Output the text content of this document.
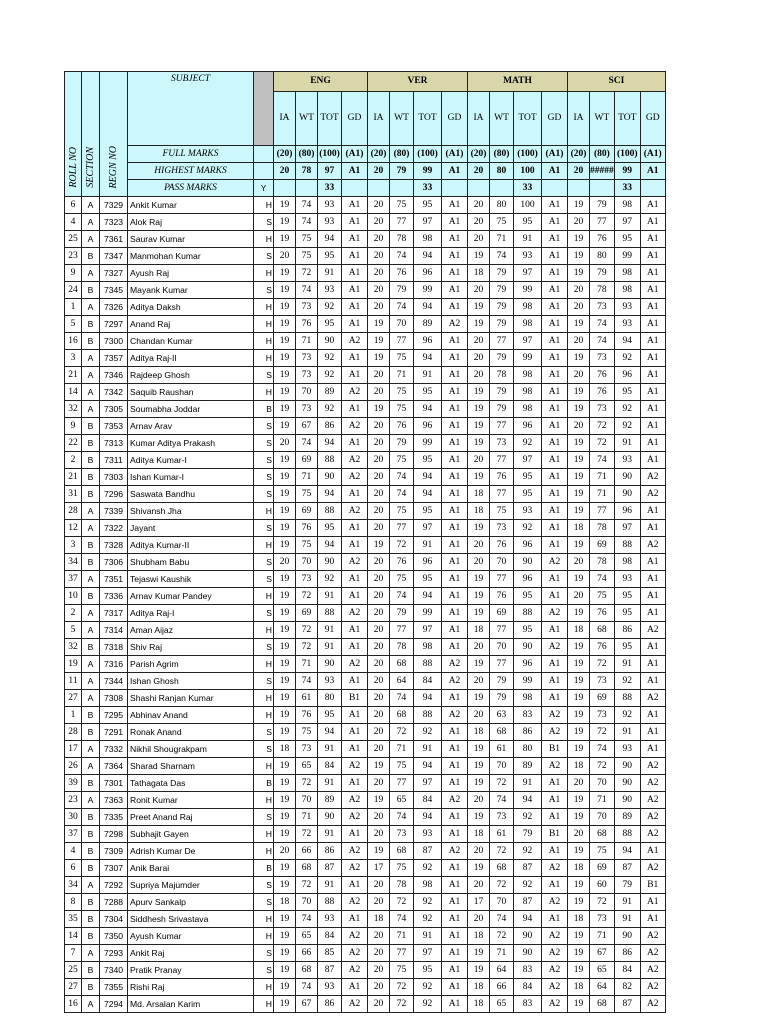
ROLL NO	SECTION	REGN NO	SUBJECT		ENG				VER				MATH				SCI			
					IA	WT	TOT	GD	IA	WT	TOT	GD	IA	WT	TOT	GD	IA	WT	TOT	GD

			FULL MARKS		(20)	(80)	(100)	(A1)	(20)	(80)	(100)	(A1)	(20)	(80)	(100)	(A1)	(20)	(80)	(100)	(A1)
			HIGHEST MARKS		20	78	97	A1	20	79	99	A1	20	80	100	A1	20	#####	99	A1
			PASS MARKS	Y			33				33				33				33	
6	A	7329	Ankit Kumar	H	19	74	93	A1	20	75	95	A1	20	80	100	A1	19	79	98	A1
4	A	7323	Alok Raj	S	19	74	93	A1	20	77	97	A1	20	75	95	A1	20	77	97	A1
25	A	7361	Saurav Kumar	H	19	75	94	A1	20	78	98	A1	20	71	91	A1	19	76	95	A1
23	B	7347	Manmohan Kumar	S	20	75	95	A1	20	74	94	A1	19	74	93	A1	19	80	99	A1
9	A	7327	Ayush Raj	H	19	72	91	A1	20	76	96	A1	18	79	97	A1	19	79	98	A1
24	B	7345	Mayank Kumar	S	19	74	93	A1	20	79	99	A1	20	79	99	A1	20	78	98	A1
1	A	7326	Aditya Daksh	H	19	73	92	A1	20	74	94	A1	19	79	98	A1	20	73	93	A1
5	B	7297	Anand Raj	H	19	76	95	A1	19	70	89	A2	19	79	98	A1	19	74	93	A1
16	B	7300	Chandan Kumar	H	19	71	90	A2	19	77	96	A1	20	77	97	A1	20	74	94	A1
3	A	7357	Aditya Raj-II	H	19	73	92	A1	19	75	94	A1	20	79	99	A1	19	73	92	A1
21	A	7346	Rajdeep Ghosh	S	19	73	92	A1	20	71	91	A1	20	78	98	A1	20	76	96	A1
14	A	7342	Saquib Raushan	H	19	70	89	A2	20	75	95	A1	19	79	98	A1	19	76	95	A1
32	A	7305	Soumabha Joddar	B	19	73	92	A1	19	75	94	A1	19	79	98	A1	19	73	92	A1
9	B	7353	Arnav Arav	S	19	67	86	A2	20	76	96	A1	19	77	96	A1	20	72	92	A1
22	B	7313	Kumar Aditya Prakash	S	20	74	94	A1	20	79	99	A1	19	73	92	A1	19	72	91	A1
2	B	7311	Aditya Kumar-I	S	19	69	88	A2	20	75	95	A1	20	77	97	A1	19	74	93	A1
21	B	7303	Ishan Kumar-I	S	19	71	90	A2	20	74	94	A1	19	76	95	A1	19	71	90	A2
31	B	7296	Saswata Bandhu	S	19	75	94	A1	20	74	94	A1	18	77	95	A1	19	71	90	A2
28	A	7339	Shivansh Jha	H	19	69	88	A2	20	75	95	A1	18	75	93	A1	19	77	96	A1
12	A	7322	Jayant	S	19	76	95	A1	20	77	97	A1	19	73	92	A1	18	78	97	A1
3	B	7328	Aditya Kumar-II	H	19	75	94	A1	19	72	91	A1	20	76	96	A1	19	69	88	A2
34	B	7306	Shubham Babu	S	20	70	90	A2	20	76	96	A1	20	70	90	A2	20	78	98	A1
37	A	7351	Tejaswi Kaushik	S	19	73	92	A1	20	75	95	A1	19	77	96	A1	19	74	93	A1
10	B	7336	Arnav Kumar Pandey	H	19	72	91	A1	20	74	94	A1	19	76	95	A1	20	75	95	A1
2	A	7317	Aditya Raj-I	S	19	69	88	A2	20	79	99	A1	19	69	88	A2	19	76	95	A1
5	A	7314	Aman Aijaz	H	19	72	91	A1	20	77	97	A1	18	77	95	A1	18	68	86	A2
32	B	7318	Shiv Raj	S	19	72	91	A1	20	78	98	A1	20	70	90	A2	19	76	95	A1
19	A	7316	Parish Agrim	H	19	71	90	A2	20	68	88	A2	19	77	96	A1	19	72	91	A1
11	A	7344	Ishan Ghosh	S	19	74	93	A1	20	64	84	A2	20	79	99	A1	19	73	92	A1
27	A	7308	Shashi Ranjan Kumar	H	19	61	80	B1	20	74	94	A1	19	79	98	A1	19	69	88	A2
1	B	7295	Abhinav Anand	H	19	76	95	A1	20	68	88	A2	20	63	83	A2	19	73	92	A1
28	B	7291	Ronak Anand	S	19	75	94	A1	20	72	92	A1	18	68	86	A2	19	72	91	A1
17	A	7332	Nikhil Shougrakpam	S	18	73	91	A1	20	71	91	A1	19	61	80	B1	19	74	93	A1
26	A	7364	Sharad Sharnam	H	19	65	84	A2	19	75	94	A1	19	70	89	A2	18	72	90	A2
39	B	7301	Tathagata Das	B	19	72	91	A1	20	77	97	A1	19	72	91	A1	20	70	90	A2
23	A	7363	Ronit Kumar	H	19	70	89	A2	19	65	84	A2	20	74	94	A1	19	71	90	A2
30	B	7335	Preet Anand Raj	S	19	71	90	A2	20	74	94	A1	19	73	92	A1	19	70	89	A2
37	B	7298	Subhajit Gayen	H	19	72	91	A1	20	73	93	A1	18	61	79	B1	20	68	88	A2
4	B	7309	Adrish Kumar De	H	20	66	86	A2	19	68	87	A2	20	72	92	A1	19	75	94	A1
6	B	7307	Anik Barai	B	19	68	87	A2	17	75	92	A1	19	68	87	A2	18	69	87	A2
34	A	7292	Supriya Majumder	S	19	72	91	A1	20	78	98	A1	20	72	92	A1	19	60	79	B1
8	B	7288	Apurv Sankalp	S	18	70	88	A2	20	72	92	A1	17	70	87	A2	19	72	91	A1
35	B	7304	Siddhesh Srivastava	H	19	74	93	A1	18	74	92	A1	20	74	94	A1	18	73	91	A1
14	B	7350	Ayush Kumar	H	19	65	84	A2	20	71	91	A1	18	72	90	A2	19	71	90	A2
7	A	7293	Ankit Raj	S	19	66	85	A2	20	77	97	A1	19	71	90	A2	19	67	86	A2
25	B	7340	Pratik Pranay	S	19	68	87	A2	20	75	95	A1	19	64	83	A2	19	65	84	A2
27	B	7355	Rishi Raj	H	19	74	93	A1	20	72	92	A1	18	66	84	A2	18	64	82	A2
16	A	7294	Md. Arsalan Karim	H	19	67	86	A2	20	72	92	A1	18	65	83	A2	19	68	87	A2
